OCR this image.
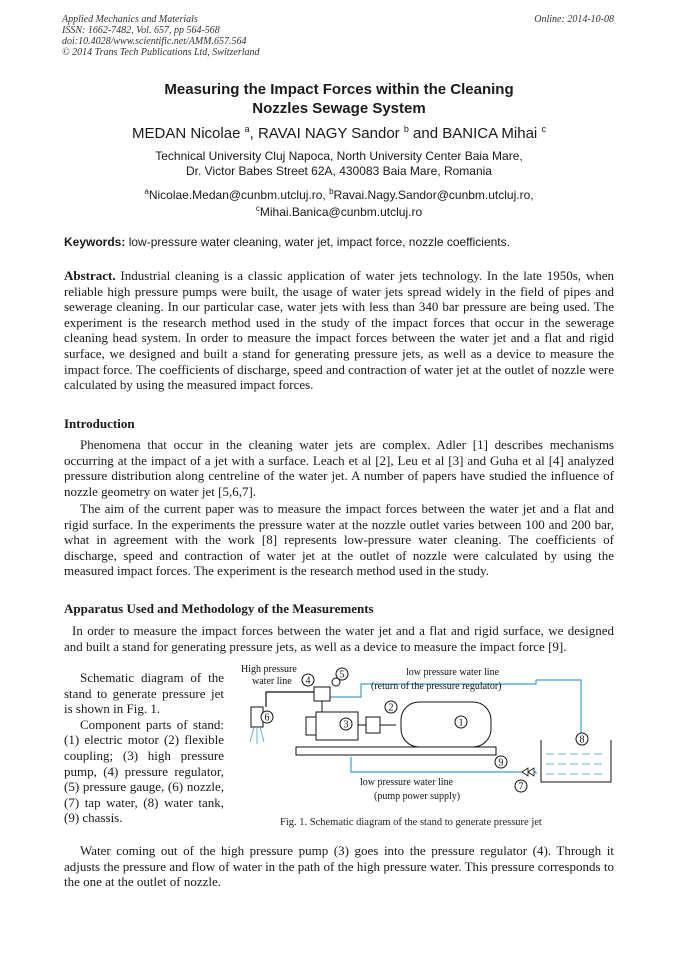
Applied Mechanics and Materials
ISSN: 1662-7482, Vol. 657, pp 564-568
doi:10.4028/www.scientific.net/AMM.657.564
© 2014 Trans Tech Publications Ltd, Switzerland
Online: 2014-10-08
Measuring the Impact Forces within the Cleaning
Nozzles Sewage System
MEDAN Nicolae $^a$, RAVAI NAGY Sandor $^b$ and BANICA Mihai $^c$
Technical University Cluj Napoca, North University Center Baia Mare,
Dr. Victor Babes Street 62A, 430083 Baia Mare, Romania
$^a$Nicolae.Medan@cunbm.utcluj.ro, $^b$Ravai.Nagy.Sandor@cunbm.utcluj.ro,
$^c$Mihai.Banica@cunbm.utcluj.ro
Keywords: low-pressure water cleaning, water jet, impact force, nozzle coefficients.
Abstract. Industrial cleaning is a classic application of water jets technology. In the late 1950s, when reliable high pressure pumps were built, the usage of water jets spread widely in the field of pipes and sewerage cleaning. In our particular case, water jets with less than 340 bar pressure are being used. The experiment is the research method used in the study of the impact forces that occur in the sewerage cleaning head system. In order to measure the impact forces between the water jet and a flat and rigid surface, we designed and built a stand for generating pressure jets, as well as a device to measure the impact force. The coefficients of discharge, speed and contraction of water jet at the outlet of nozzle were calculated by using the measured impact forces.
Introduction
Phenomena that occur in the cleaning water jets are complex. Adler [1] describes mechanisms occurring at the impact of a jet with a surface. Leach et al [2], Leu et al [3] and Guha et al [4] analyzed pressure distribution along centreline of the water jet. A number of papers have studied the influence of nozzle geometry on water jet [5,6,7].
The aim of the current paper was to measure the impact forces between the water jet and a flat and rigid surface. In the experiments the pressure water at the nozzle outlet varies between 100 and 200 bar, what in agreement with the work [8] represents low-pressure water cleaning. The coefficients of discharge, speed and contraction of water jet at the outlet of nozzle were calculated by using the measured impact forces. The experiment is the research method used in the study.
Apparatus Used and Methodology of the Measurements
In order to measure the impact forces between the water jet and a flat and rigid surface, we designed and built a stand for generating pressure jets, as well as a device to measure the impact force [9].
Schematic diagram of the stand to generate pressure jet is shown in Fig. 1.
Component parts of stand: (1) electric motor (2) flexible coupling; (3) high pressure pump, (4) pressure regulator, (5) pressure gauge, (6) nozzle, (7) tap water, (8) water tank, (9) chassis.
6
4
5
3
2
1
9
8
7
High pressure
water line
low pressure water line
(return of the pressure regulator)
low pressure water line
(pump power supply)
Fig. 1. Schematic diagram of the stand to generate pressure jet
Water coming out of the high pressure pump (3) goes into the pressure regulator (4). Through it adjusts the pressure and flow of water in the path of the high pressure water. This pressure corresponds to the one at the outlet of nozzle.
